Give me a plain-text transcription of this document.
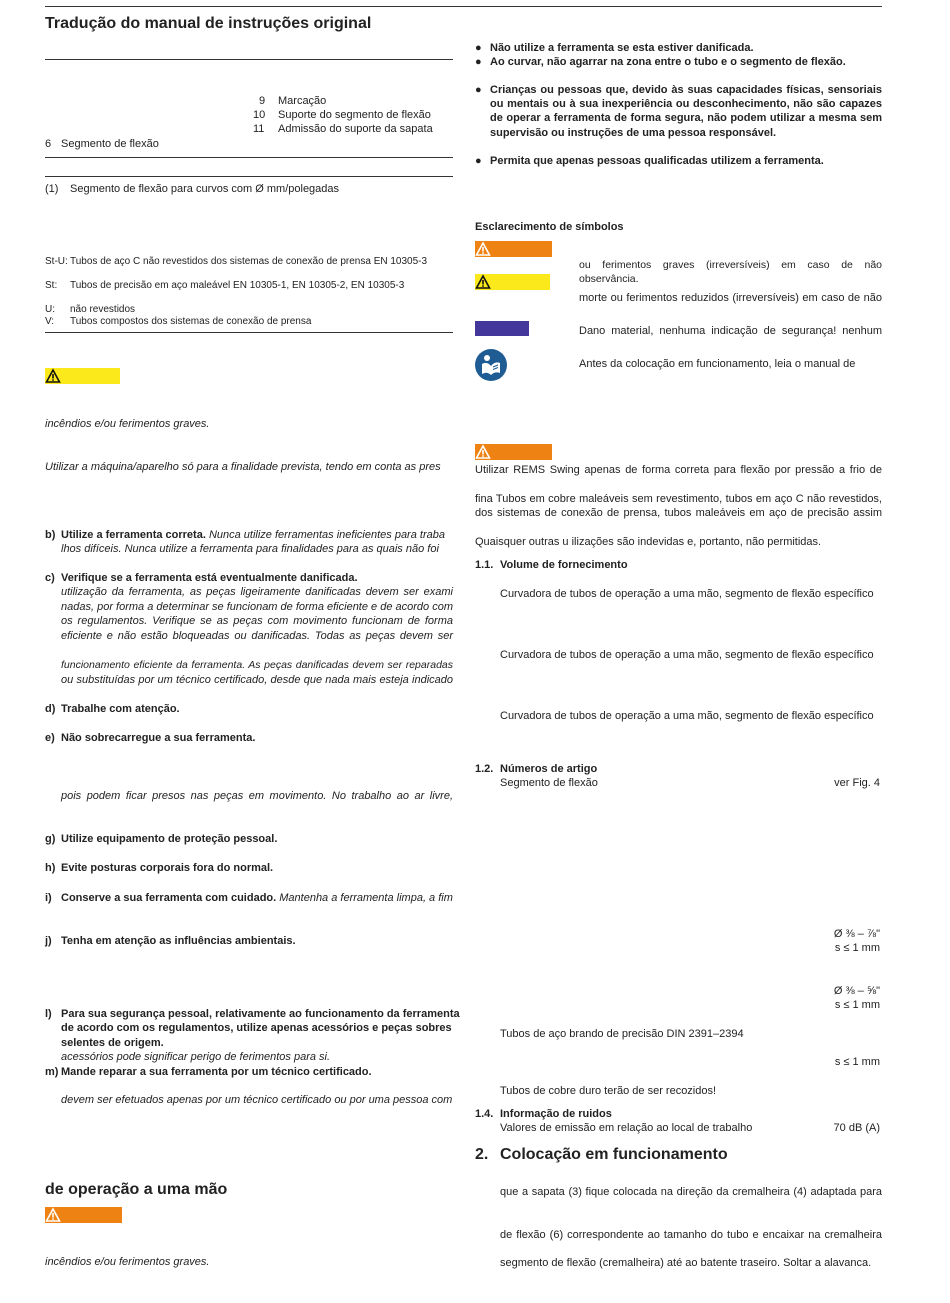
Tradução do manual de instruções original
9 Marcação
10 Suporte do segmento de flexão
11 Admissão do suporte da sapata
6 Segmento de flexão
(1) Segmento de flexão para curvos com Ø mm/polegadas
St-U: Tubos de aço C não revestidos dos sistemas de conexão de prensa EN 10305-3
St: Tubos de precisão em aço maleável EN 10305-1, EN 10305-2, EN 10305-3
U: não revestidos
V: Tubos compostos dos sistemas de conexão de prensa
incêndios e/ou ferimentos graves.
Utilizar a máquina/aparelho só para a finalidade prevista, tendo em conta as pres
b) Utilize a ferramenta correta. Nunca utilize ferramentas ineficientes para traba
lhos difíceis. Nunca utilize a ferramenta para finalidades para as quais não foi
c) Verifique se a ferramenta está eventualmente danificada.
utilização da ferramenta, as peças ligeiramente danificadas devem ser exami
nadas, por forma a determinar se funcionam de forma eficiente e de acordo com
os regulamentos. Verifique se as peças com movimento funcionam de forma
eficiente e não estão bloqueadas ou danificadas. Todas as peças devem ser
funcionamento eficiente da ferramenta. As peças danificadas devem ser reparadas
ou substituídas por um técnico certificado, desde que nada mais esteja indicado
d) Trabalhe com atenção.
e) Não sobrecarregue a sua ferramenta.
pois podem ficar presos nas peças em movimento. No trabalho ao ar livre,
g) Utilize equipamento de proteção pessoal.
h) Evite posturas corporais fora do normal.
i) Conserve a sua ferramenta com cuidado. Mantenha a ferramenta limpa, a fim
j) Tenha em atenção as influências ambientais.
l) Para sua segurança pessoal, relativamente ao funcionamento da ferramenta
de acordo com os regulamentos, utilize apenas acessórios e peças sobres
selentes de origem.
acessórios pode significar perigo de ferimentos para si.
m) Mande reparar a sua ferramenta por um técnico certificado.
devem ser efetuados apenas por um técnico certificado ou por uma pessoa com
de operação a uma mão
incêndios e/ou ferimentos graves.
● Não utilize a ferramenta se esta estiver danificada.
● Ao curvar, não agarrar na zona entre o tubo e o segmento de flexão.
● Crianças ou pessoas que, devido às suas capacidades físicas, sensoriais
ou mentais ou à sua inexperiência ou desconhecimento, não são capazes
de operar a ferramenta de forma segura, não podem utilizar a mesma sem
supervisão ou instruções de uma pessoa responsável.
● Permita que apenas pessoas qualificadas utilizem a ferramenta.
Esclarecimento de símbolos
ou ferimentos graves (irreversíveis) em caso de não observância.
morte ou ferimentos reduzidos (irreversíveis) em caso de não
Dano material, nenhuma indicação de segurança! nenhum
Antes da colocação em funcionamento, leia o manual de
Utilizar REMS Swing apenas de forma correta para flexão por pressão a frio de
fina Tubos em cobre maleáveis sem revestimento, tubos em aço C não revestidos,
dos sistemas de conexão de prensa, tubos maleáveis em aço de precisão assim
Quaisquer outras u ilizações são indevidas e, portanto, não permitidas.
1.1. Volume de fornecimento
Curvadora de tubos de operação a uma mão, segmento de flexão específico
Curvadora de tubos de operação a uma mão, segmento de flexão específico
Curvadora de tubos de operação a uma mão, segmento de flexão específico
1.2. Números de artigo
Segmento de flexão	ver Fig. 4
Ø ⅜ – ⅞"
s ≤ 1 mm
Ø ⅜ – ⅝"
s ≤ 1 mm
Tubos de aço brando de precisão DIN 2391–2394
s ≤ 1 mm
Tubos de cobre duro terão de ser recozidos!
1.4. Informação de ruidos
Valores de emissão em relação ao local de trabalho	70 dB (A)
2. Colocação em funcionamento
que a sapata (3) fique colocada na direção da cremalheira (4) adaptada para
de flexão (6) correspondente ao tamanho do tubo e encaixar na cremalheira
segmento de flexão (cremalheira) até ao batente traseiro. Soltar a alavanca.
